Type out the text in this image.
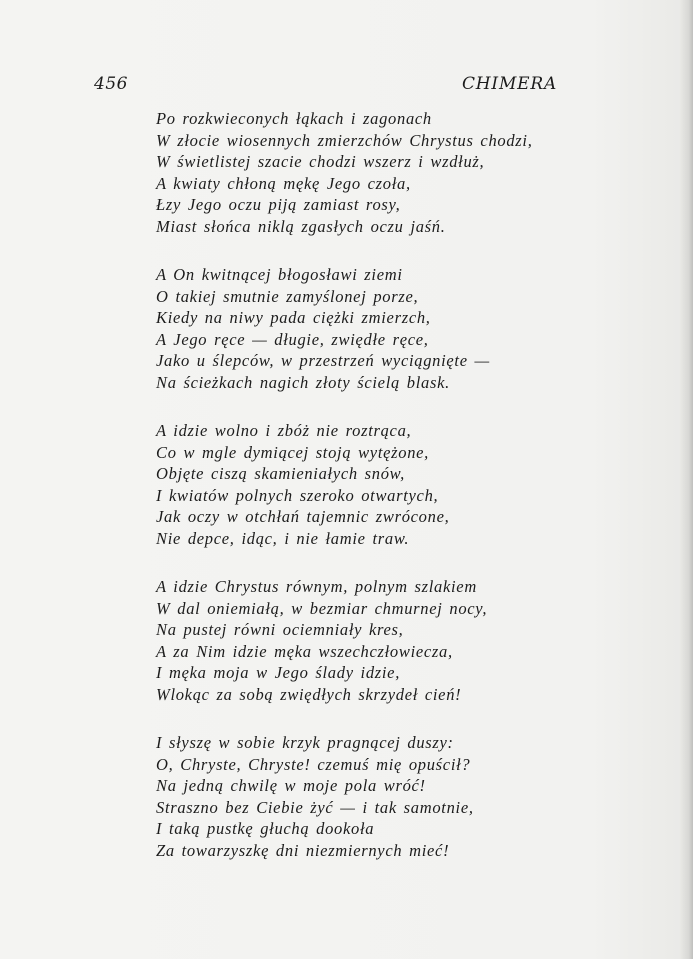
456	CHIMERA
Po rozkwieconych łąkach i zagonach
W złocie wiosennych zmierzchów Chrystus chodzi,
W świetlistej szacie chodzi wszerz i wzdłuż,
A kwiaty chłoną mękę Jego czoła,
Łzy Jego oczu piją zamiast rosy,
Miast słońca niklą zgasłych oczu jaśń.
A On kwitnącej błogosławi ziemi
O takiej smutnie zamyślonej porze,
Kiedy na niwy pada ciężki zmierzch,
A Jego ręce — długie, zwiędłe ręce,
Jako u ślepców, w przestrzeń wyciągnięte —
Na ścieżkach nagich złoty ścielą blask.
A idzie wolno i zbóż nie roztrąca,
Co w mgle dymiącej stoją wytężone,
Objęte ciszą skamieniałych snów,
I kwiatów polnych szeroko otwartych,
Jak oczy w otchłań tajemnic zwrócone,
Nie depce, idąc, i nie łamie traw.
A idzie Chrystus równym, polnym szlakiem
W dal oniemiałą, w bezmiar chmurnej nocy,
Na pustej równi ociemniały kres,
A za Nim idzie męka wszechczłowiecza,
I męka moja w Jego ślady idzie,
Wlokąc za sobą zwiędłych skrzydeł cień!
I słyszę w sobie krzyk pragnącej duszy:
O, Chryste, Chryste! czemuś mię opuścił?
Na jedną chwilę w moje pola wróć!
Straszno bez Ciebie żyć — i tak samotnie,
I taką pustkę głuchą dookoła
Za towarzyszkę dni niezmiernych mieć!
